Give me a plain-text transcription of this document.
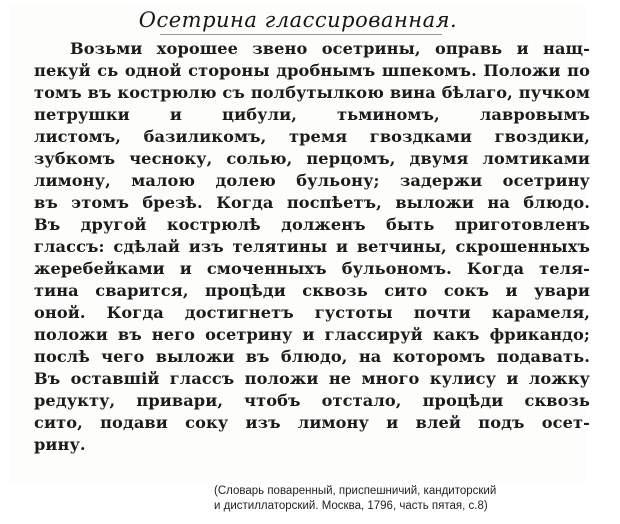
Осетрина глассированная.
Возьми хорошее звено осетрины, оправь и нащ-
пекуй сь одной стороны дробнымъ шпекомъ. Положи по
томъ въ кострюлю съ полбутылкою вина бѣлаго, пучком
петрушки и цибули, тьминомъ, лавровымъ
листомъ, базиликомъ, тремя гвоздками гвоздики,
зубкомъ чесноку, солью, перцомъ, двумя ломтиками
лимону, малою долею бульону; задержи осетрину
въ этомъ брезѣ. Когда поспѣетъ, выложи на блюдо.
Въ другой кострюлѣ долженъ быть приготовленъ
глассъ: сдѣлай изъ телятины и ветчины, скрошенныхъ
жеребейками и смоченныхъ бульономъ. Когда теля-
тина сварится, процѣди сквозь сито сокъ и увари
оной. Когда достигнетъ густоты почти карамеля,
положи въ него осетрину и глассируй какъ фрикандо;
послѣ чего выложи въ блюдо, на которомъ подавать.
Въ оставшiй глассъ положи не много кулису и ложку
редукту, привари, чтобъ отстало, процѣди сквозь
сито, подави соку изъ лимону и влей подъ осет-
рину.
(Словарь поваренный, приспешничий, кандиторский
и дистиллаторский. Москва, 1796, часть пятая, с.8)
